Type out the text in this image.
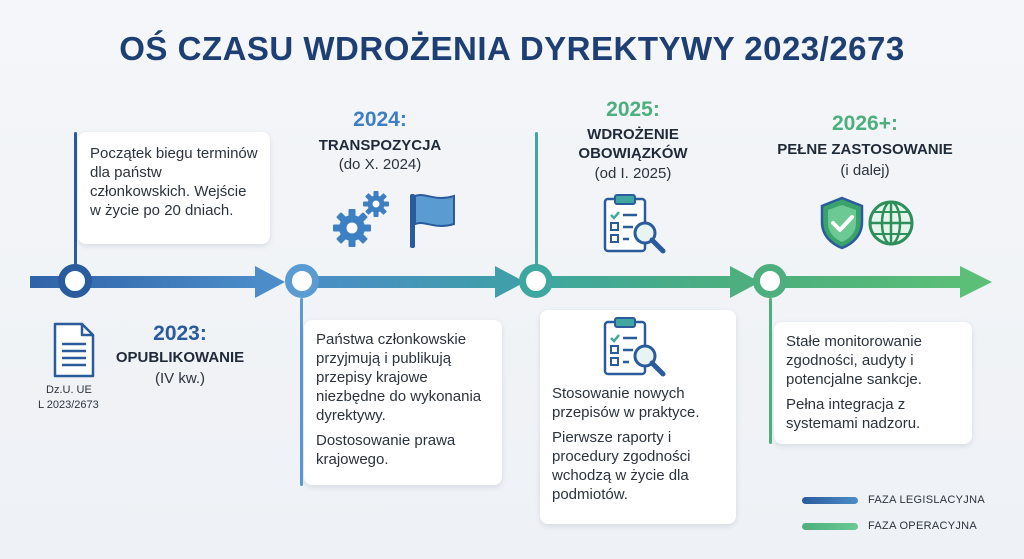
OŚ CZASU WDROŻENIA DYREKTYWY 2023/2673

Początek biegu terminów dla państw członkowskich. Wejście w życie po 20 dniach.

Dz.U. UE
L 2023/2673
2023:
OPUBLIKOWANIE
(IV kw.)
2024:
TRANSPOZYCJA
(do X. 2024)

Państwa członkowskie przyjmują i publikują przepisy krajowe niezbędne do wykonania dyrektywy.

Dostosowanie prawa krajowego.

2025:
WDROŻENIE
OBOWIĄZKÓW
(od I. 2025)

Stosowanie nowych przepisów w praktyce.

Pierwsze raporty i procedury zgodności wchodzą w życie dla podmiotów.

2026+:
PEŁNE ZASTOSOWANIE
(i dalej)

Stałe monitorowanie zgodności, audyty i potencjalne sankcje.

Pełna integracja z systemami nadzoru.

FAZA LEGISLACYJNA
FAZA OPERACYJNA
